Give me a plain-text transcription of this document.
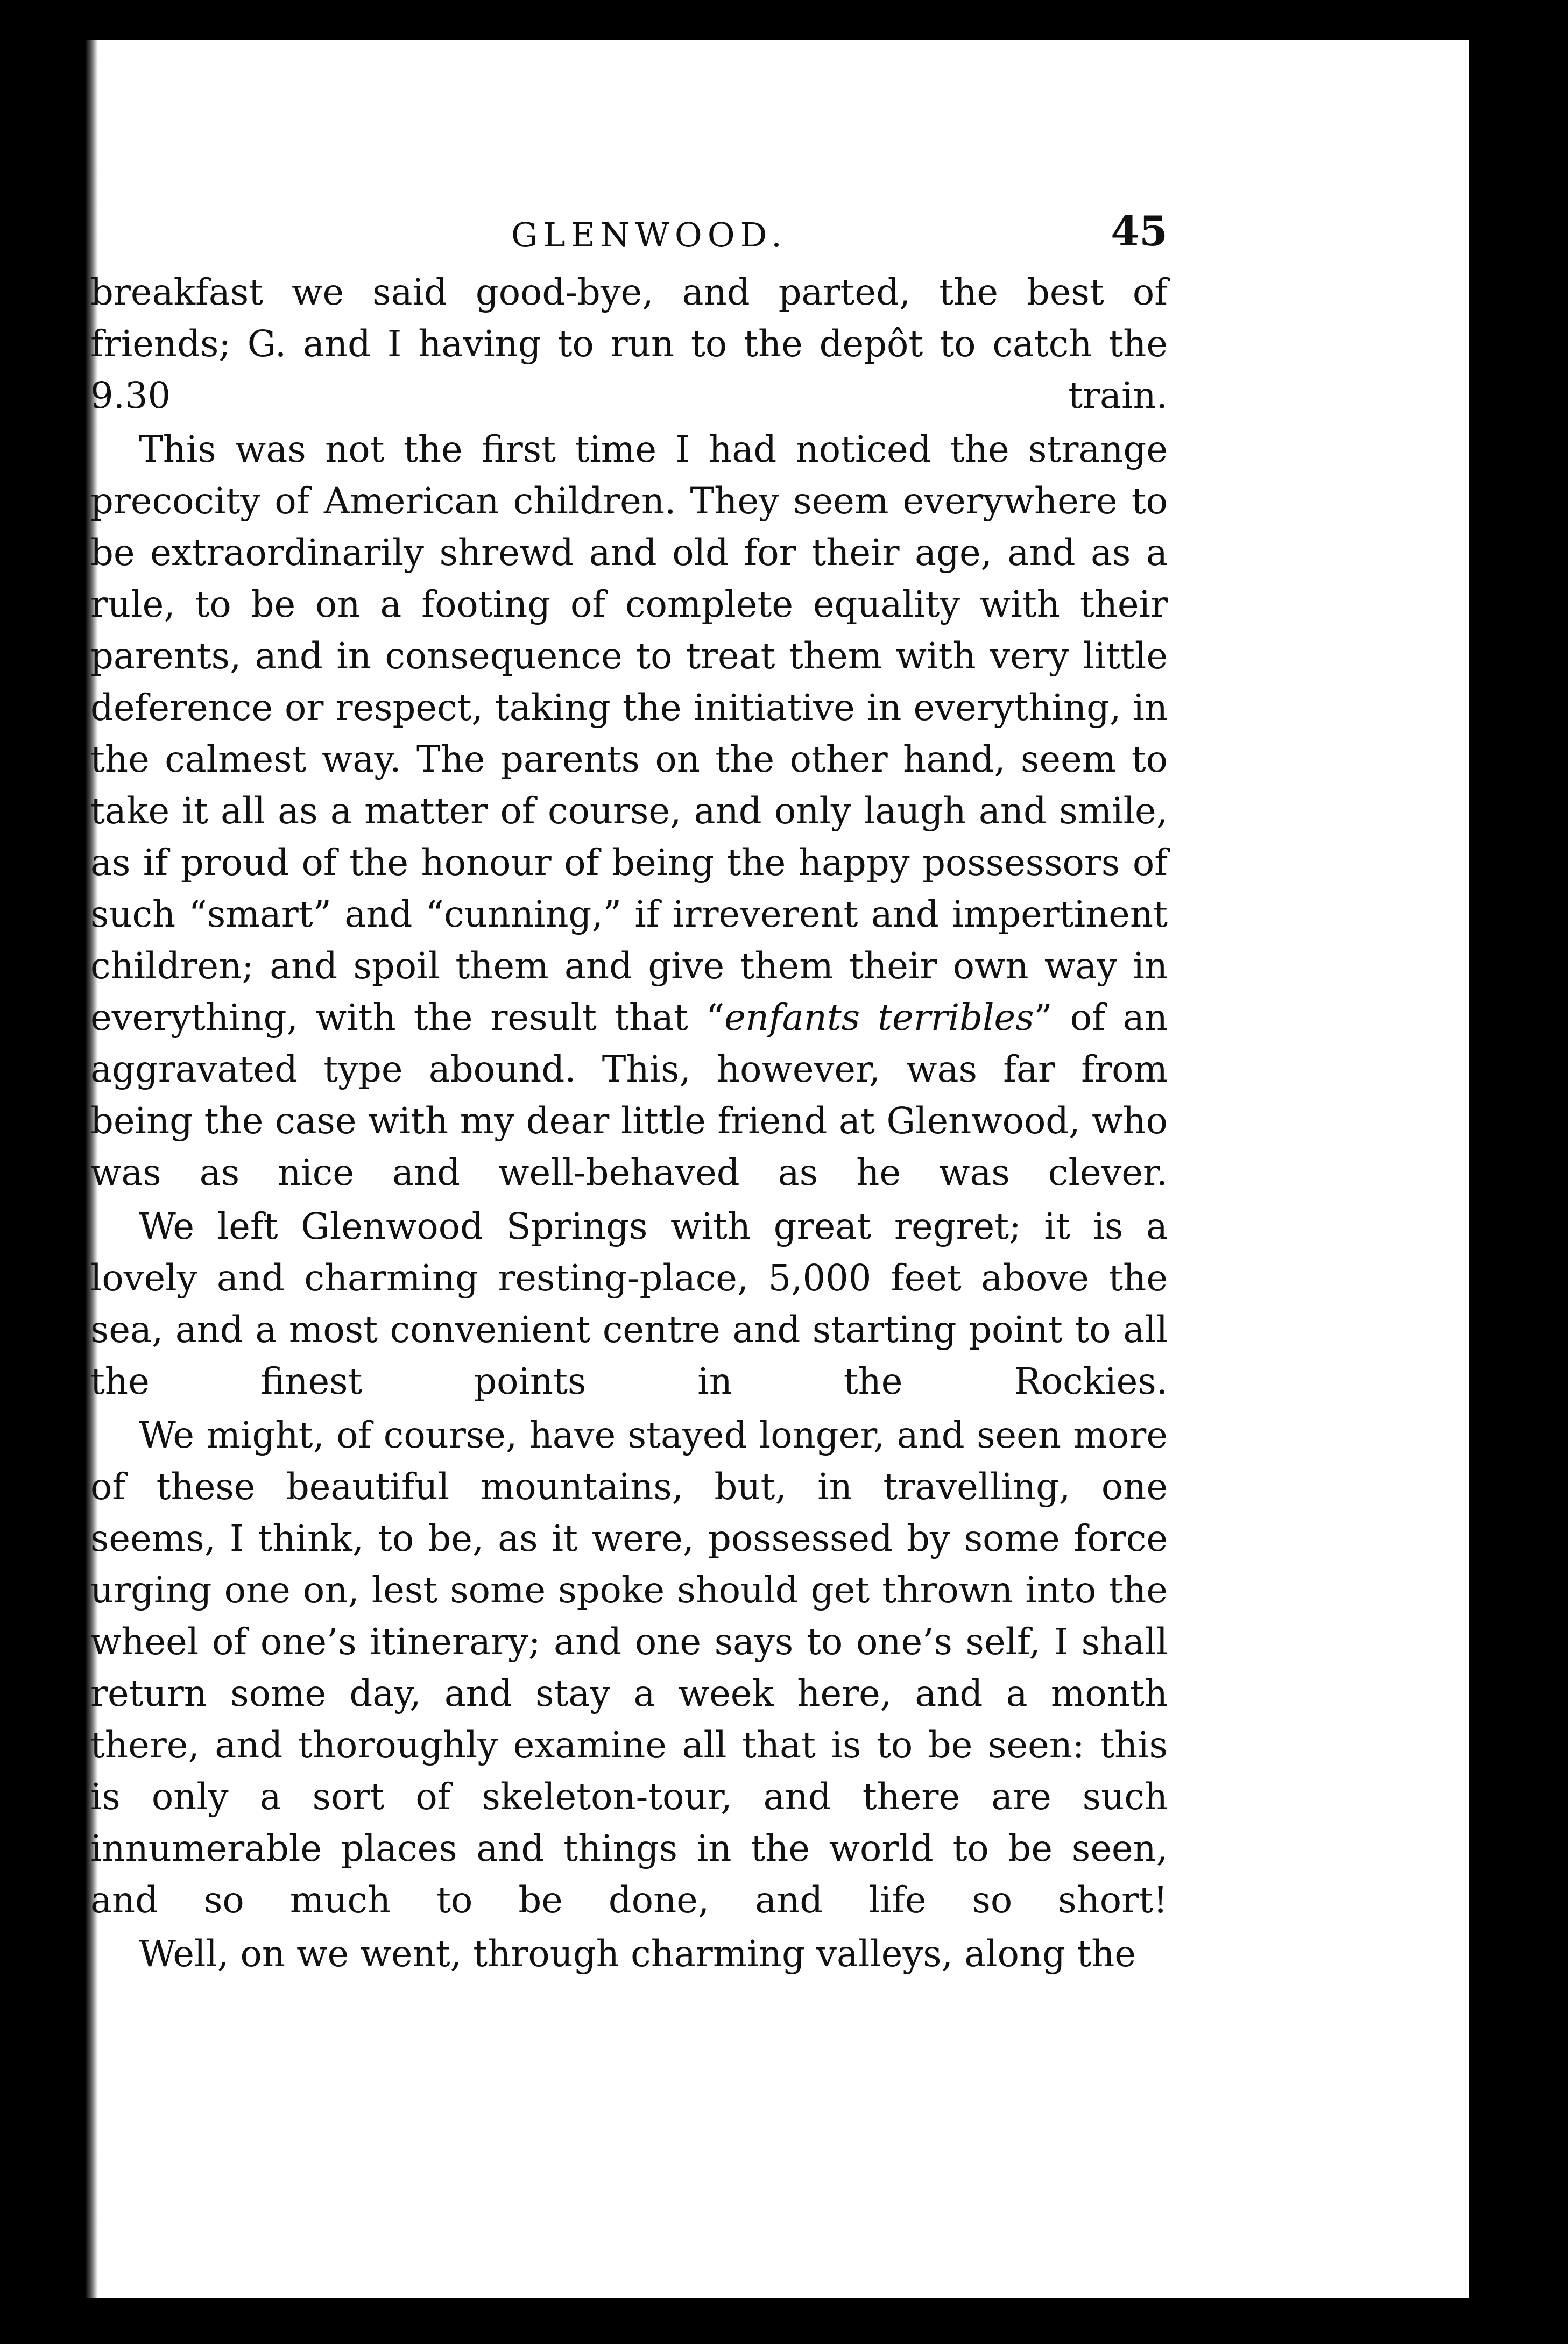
GLENWOOD.	45

breakfast we said good-bye, and parted, the best of friends; G. and I having to run to the depôt to catch the 9.30 train.

This was not the first time I had noticed the strange precocity of American children. They seem everywhere to be extraordinarily shrewd and old for their age, and as a rule, to be on a footing of complete equality with their parents, and in consequence to treat them with very little deference or respect, taking the initiative in everything, in the calmest way. The parents on the other hand, seem to take it all as a matter of course, and only laugh and smile, as if proud of the honour of being the happy possessors of such “smart” and “cunning,” if irreverent and impertinent children; and spoil them and give them their own way in everything, with the result that “enfants terribles” of an aggravated type abound. This, however, was far from being the case with my dear little friend at Glenwood, who was as nice and well-behaved as he was clever.

We left Glenwood Springs with great regret; it is a lovely and charming resting-place, 5,000 feet above the sea, and a most convenient centre and starting point to all the finest points in the Rockies.

We might, of course, have stayed longer, and seen more of these beautiful mountains, but, in travelling, one seems, I think, to be, as it were, possessed by some force urging one on, lest some spoke should get thrown into the wheel of one’s itinerary; and one says to one’s self, I shall return some day, and stay a week here, and a month there, and thoroughly examine all that is to be seen: this is only a sort of skeleton-tour, and there are such innumerable places and things in the world to be seen, and so much to be done, and life so short!

Well, on we went, through charming valleys, along the
